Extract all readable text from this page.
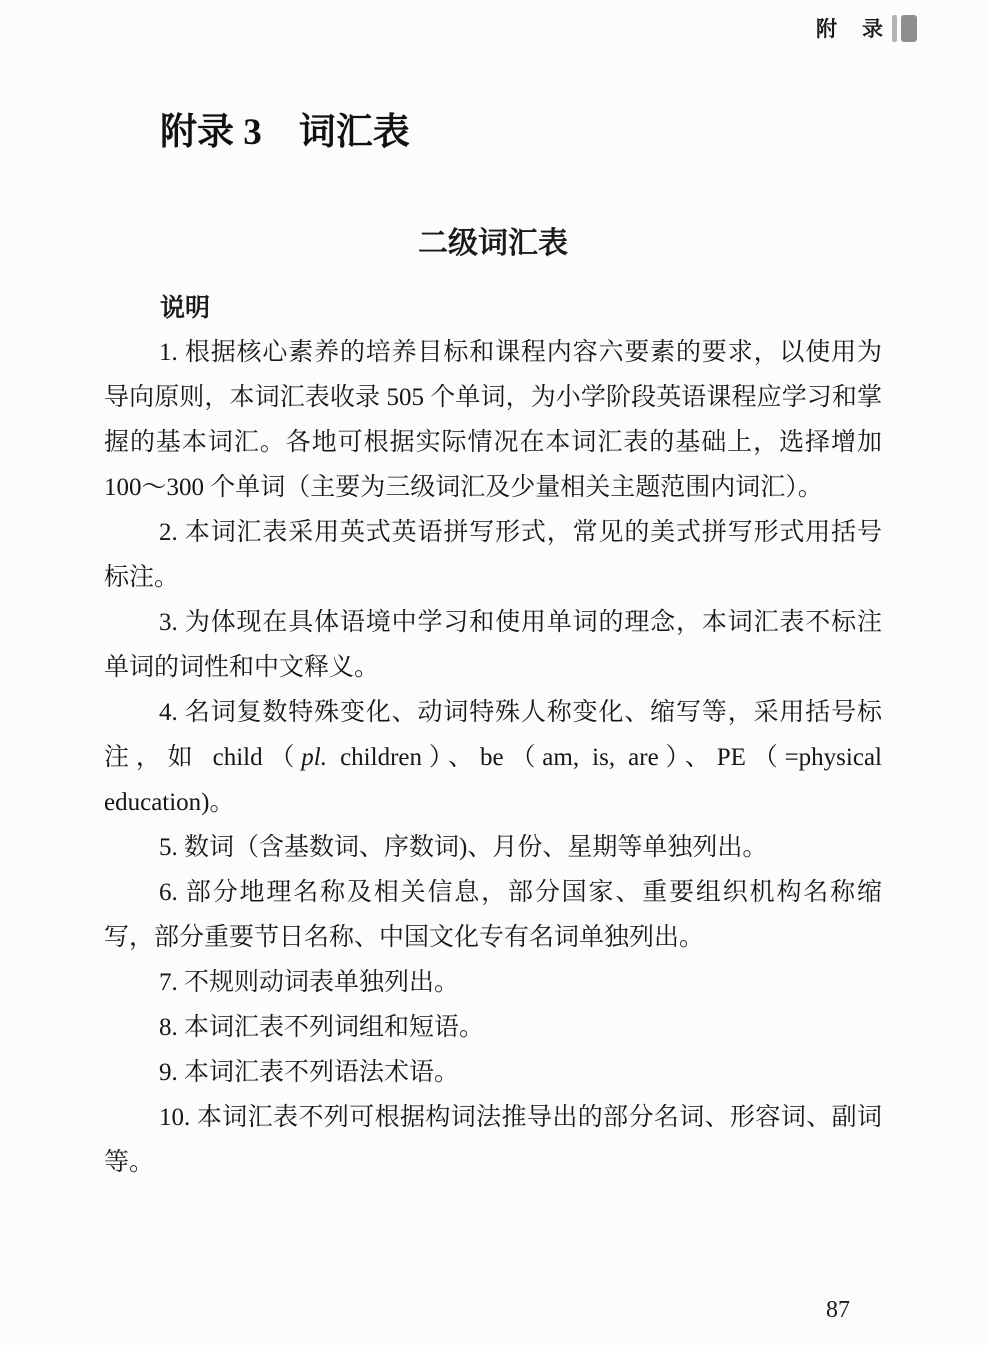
附　录
附录 3　词汇表
二级词汇表
说明

1. 根据核心素养的培养目标和课程内容六要素的要求，以使用为导向原则，本词汇表收录 505 个单词，为小学阶段英语课程应学习和掌握的基本词汇。各地可根据实际情况在本词汇表的基础上，选择增加 100～300 个单词（主要为三级词汇及少量相关主题范围内词汇）。

2. 本词汇表采用英式英语拼写形式，常见的美式拼写形式用括号标注。

3. 为体现在具体语境中学习和使用单词的理念，本词汇表不标注单词的词性和中文释义。

4. 名词复数特殊变化、动词特殊人称变化、缩写等，采用括号标注，如 child（pl. children）、be（am, is, are）、PE（=physical education)。

5. 数词（含基数词、序数词)、月份、星期等单独列出。

6. 部分地理名称及相关信息，部分国家、重要组织机构名称缩写，部分重要节日名称、中国文化专有名词单独列出。

7. 不规则动词表单独列出。

8. 本词汇表不列词组和短语。

9. 本词汇表不列语法术语。

10. 本词汇表不列可根据构词法推导出的部分名词、形容词、副词等。

87
